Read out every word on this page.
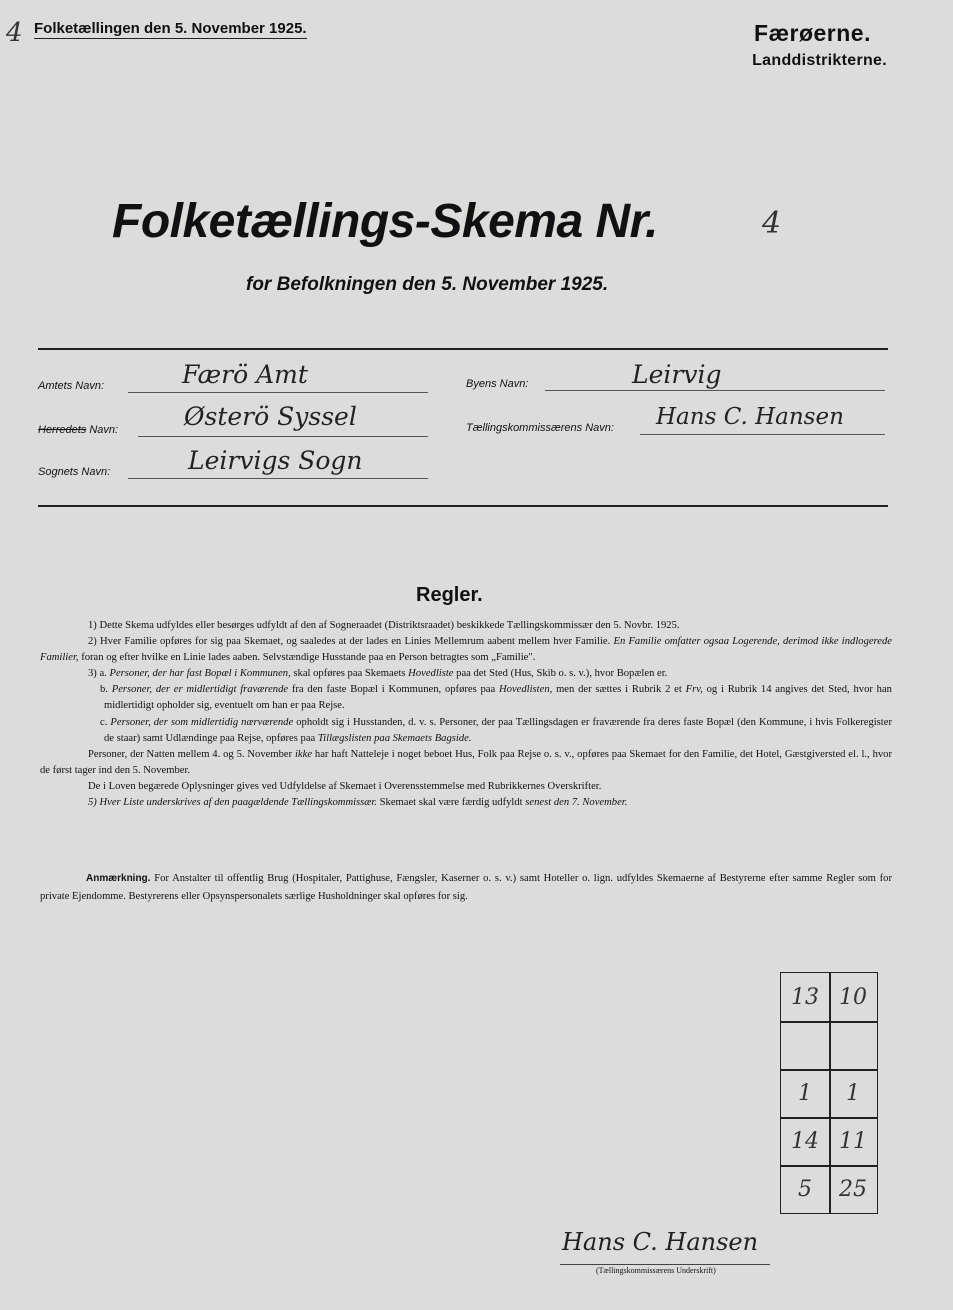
4 Folketællingen den 5. November 1925.	Færøerne.
Landdistrikterne.
Folketællings-Skema Nr.	4
for Befolkningen den 5. November 1925.
Amtets Navn:	Færö Amt
Herredets Navn:	Østerö Syssel
Sognets Navn:	Leirvigs Sogn
Byens Navn:	Leirvig
Tællingskommissærens Navn: Hans C. Hansen
Regler.

1) Dette Skema udfyldes eller besørges udfyldt af den af Sogneraadet (Distriktsraadet) beskikkede Tællingskommissær den 5. Novbr. 1925.

2) Hver Familie opføres for sig paa Skemaet, og saaledes at der lades en Linies Mellemrum aabent mellem hver Familie. En Familie omfatter ogsaa Logerende, derimod ikke indlogerede Familier, foran og efter hvilke en Linie lades aaben. Selvstændige Husstande paa en Person betragtes som „Familie".

3) a. Personer, der har fast Bopæl i Kommunen, skal opføres paa Skemaets Hovedliste paa det Sted (Hus, Skib o. s. v.), hvor Bopælen er.

b. Personer, der er midlertidigt fraværende fra den faste Bopæl i Kommunen, opføres paa Hovedlisten, men der sættes i Rubrik 2 et Frv, og i Rubrik 14 angives det Sted, hvor han midlertidigt opholder sig, eventuelt om han er paa Rejse.

c. Personer, der som midlertidig nærværende opholdt sig i Husstanden, d. v. s. Personer, der paa Tællingsdagen er fraværende fra deres faste Bopæl (den Kommune, i hvis Folkeregister de staar) samt Udlændinge paa Rejse, opføres paa Tillægslisten paa Skemaets Bagside.

Personer, der Natten mellem 4. og 5. November ikke har haft Natteleje i noget beboet Hus, Folk paa Rejse o. s. v., opføres paa Skemaet for den Familie, det Hotel, Gæstgiversted el. l., hvor de først tager ind den 5. November.

De i Loven begærede Oplysninger gives ved Udfyldelse af Skemaet i Overensstemmelse med Rubrikkernes Overskrifter.

5) Hver Liste underskrives af den paagældende Tællingskommissær. Skemaet skal være færdig udfyldt senest den 7. November.

Anmærkning. For Anstalter til offentlig Brug (Hospitaler, Pattighuse, Fængsler, Kaserner o. s. v.) samt Hoteller o. lign. udfyldes Skemaerne af Bestyrerne efter samme Regler som for private Ejendomme. Bestyrerens eller Opsynspersonalets særlige Husholdninger skal opføres for sig.
13 10
1	1
14 11
5	25
Hans C. Hansen
(Tællingskommissærens Underskrift)
